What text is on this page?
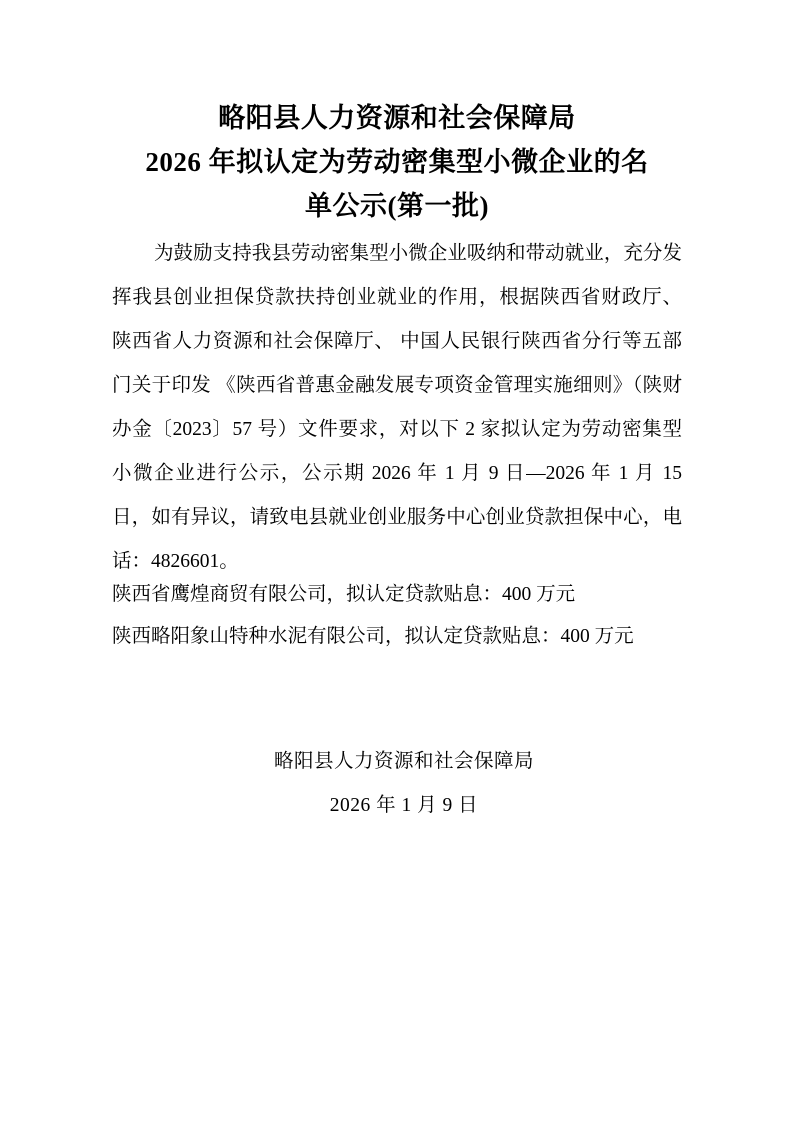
略阳县人力资源和社会保障局
2026 年拟认定为劳动密集型小微企业的名
单公示(第一批)

为鼓励支持我县劳动密集型小微企业吸纳和带动就业，充分发挥我县创业担保贷款扶持创业就业的作用，根据陕西省财政厅、 陕西省人力资源和社会保障厅、 中国人民银行陕西省分行等五部门关于印发 《陕西省普惠金融发展专项资金管理实施细则》（陕财办金〔2023〕57 号）文件要求，对以下 2 家拟认定为劳动密集型小微企业进行公示，公示期 2026 年 1 月 9 日—2026 年 1 月 15 日，如有异议，请致电县就业创业服务中心创业贷款担保中心，电话：4826601。

陕西省鹰煌商贸有限公司，拟认定贷款贴息：400 万元
陕西略阳象山特种水泥有限公司，拟认定贷款贴息：400 万元
略阳县人力资源和社会保障局
2026 年 1 月 9 日
